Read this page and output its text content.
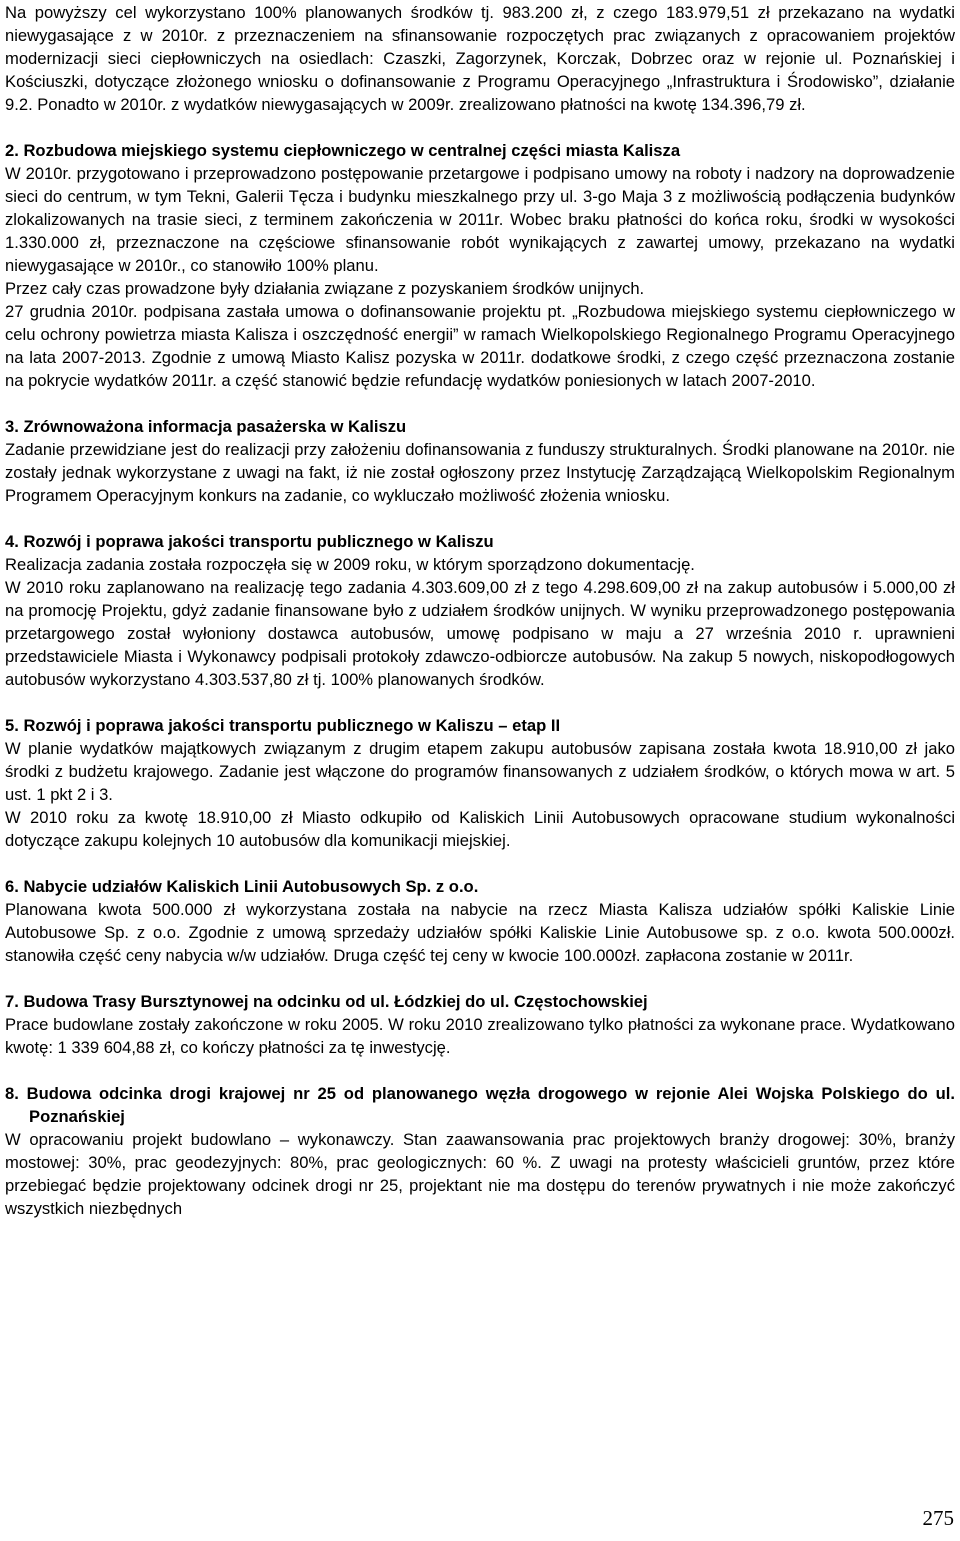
Na powyższy cel wykorzystano 100% planowanych środków tj. 983.200 zł, z czego 183.979,51 zł przekazano na wydatki niewygasające z w 2010r. z przeznaczeniem na sfinansowanie rozpoczętych prac związanych z opracowaniem projektów modernizacji sieci ciepłowniczych na osiedlach: Czaszki, Zagorzynek, Korczak, Dobrzec oraz w rejonie ul. Poznańskiej i Kościuszki, dotyczące złożonego wniosku o dofinansowanie z Programu Operacyjnego „Infrastruktura i Środowisko”, działanie 9.2. Ponadto w 2010r. z wydatków niewygasających w 2009r. zrealizowano płatności na kwotę 134.396,79 zł.

2. Rozbudowa miejskiego systemu ciepłowniczego w centralnej części miasta Kalisza

W 2010r. przygotowano i przeprowadzono postępowanie przetargowe i podpisano umowy na roboty i nadzory na doprowadzenie sieci do centrum, w tym Tekni, Galerii Tęcza i budynku mieszkalnego przy ul. 3-go Maja 3 z możliwością podłączenia budynków zlokalizowanych na trasie sieci, z terminem zakończenia w 2011r. Wobec braku płatności do końca roku, środki w wysokości 1.330.000 zł, przeznaczone na częściowe sfinansowanie robót wynikających z zawartej umowy, przekazano na wydatki niewygasające w 2010r., co stanowiło 100% planu.

Przez cały czas prowadzone były działania związane z pozyskaniem środków unijnych.

27 grudnia 2010r. podpisana zastała umowa o dofinansowanie projektu pt. „Rozbudowa miejskiego systemu ciepłowniczego w celu ochrony powietrza miasta Kalisza i oszczędność energii” w ramach Wielkopolskiego Regionalnego Programu Operacyjnego na lata 2007-2013. Zgodnie z umową Miasto Kalisz pozyska w 2011r. dodatkowe środki, z czego część przeznaczona zostanie na pokrycie wydatków 2011r. a część stanowić będzie refundację wydatków poniesionych w latach 2007-2010.

3. Zrównoważona informacja pasażerska w Kaliszu

Zadanie przewidziane jest do realizacji przy założeniu dofinansowania z funduszy strukturalnych. Środki planowane na 2010r. nie zostały jednak wykorzystane z uwagi na fakt, iż nie został ogłoszony przez Instytucję Zarządzającą Wielkopolskim Regionalnym Programem Operacyjnym konkurs na zadanie, co wykluczało możliwość złożenia wniosku.

4. Rozwój i poprawa jakości transportu publicznego w Kaliszu

Realizacja zadania została rozpoczęła się w 2009 roku, w którym sporządzono dokumentację.

W 2010 roku zaplanowano na realizację tego zadania 4.303.609,00 zł z tego 4.298.609,00 zł na zakup autobusów i 5.000,00 zł na promocję Projektu, gdyż zadanie finansowane było z udziałem środków unijnych. W wyniku przeprowadzonego postępowania przetargowego został wyłoniony dostawca autobusów, umowę podpisano w maju a 27 września 2010 r. uprawnieni przedstawiciele Miasta i Wykonawcy podpisali protokoły zdawczo-odbiorcze autobusów. Na zakup 5 nowych, niskopodłogowych autobusów wykorzystano 4.303.537,80 zł tj. 100% planowanych środków.

5. Rozwój i poprawa jakości transportu publicznego w Kaliszu – etap II

W planie wydatków majątkowych związanym z drugim etapem zakupu autobusów zapisana została kwota 18.910,00 zł jako środki z budżetu krajowego. Zadanie jest włączone do programów finansowanych z udziałem środków, o których mowa w art. 5 ust. 1 pkt 2 i 3.

W 2010 roku za kwotę 18.910,00 zł Miasto odkupiło od Kaliskich Linii Autobusowych opracowane studium wykonalności dotyczące zakupu kolejnych 10 autobusów dla komunikacji miejskiej.

6. Nabycie udziałów Kaliskich Linii Autobusowych Sp. z o.o.

Planowana kwota 500.000 zł wykorzystana została na nabycie na rzecz Miasta Kalisza udziałów spółki Kaliskie Linie Autobusowe Sp. z o.o. Zgodnie z umową sprzedaży udziałów spółki Kaliskie Linie Autobusowe sp. z o.o. kwota 500.000zł. stanowiła część ceny nabycia w/w udziałów. Druga część tej ceny w kwocie 100.000zł. zapłacona zostanie w 2011r.

7. Budowa Trasy Bursztynowej na odcinku od ul. Łódzkiej do ul. Częstochowskiej

Prace budowlane zostały zakończone w roku 2005. W roku 2010 zrealizowano tylko płatności za wykonane prace. Wydatkowano kwotę: 1 339 604,88 zł, co kończy płatności za tę inwestycję.

8. Budowa odcinka drogi krajowej nr 25 od planowanego węzła drogowego w rejonie Alei Wojska Polskiego do ul. Poznańskiej

W opracowaniu projekt budowlano – wykonawczy. Stan zaawansowania prac projektowych branży drogowej: 30%, branży mostowej: 30%, prac geodezyjnych: 80%, prac geologicznych: 60 %. Z uwagi na protesty właścicieli gruntów, przez które przebiegać będzie projektowany odcinek drogi nr 25, projektant nie ma dostępu do terenów prywatnych i nie może zakończyć wszystkich niezbędnych

275
